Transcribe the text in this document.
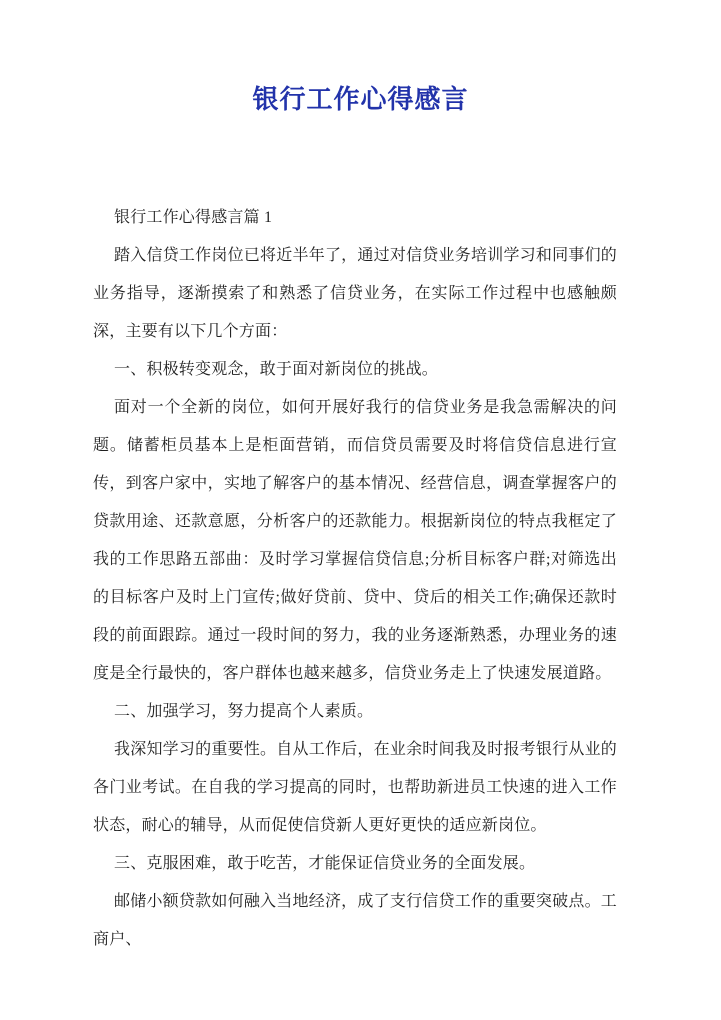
银行工作心得感言

银行工作心得感言篇 1

踏入信贷工作岗位已将近半年了，通过对信贷业务培训学习和同事们的业务指导，逐渐摸索了和熟悉了信贷业务，在实际工作过程中也感触颇深，主要有以下几个方面：

一、积极转变观念，敢于面对新岗位的挑战。

面对一个全新的岗位，如何开展好我行的信贷业务是我急需解决的问题。储蓄柜员基本上是柜面营销，而信贷员需要及时将信贷信息进行宣传，到客户家中，实地了解客户的基本情况、经营信息，调查掌握客户的贷款用途、还款意愿，分析客户的还款能力。根据新岗位的特点我框定了我的工作思路五部曲：及时学习掌握信贷信息;分析目标客户群;对筛选出的目标客户及时上门宣传;做好贷前、贷中、贷后的相关工作;确保还款时段的前面跟踪。通过一段时间的努力，我的业务逐渐熟悉，办理业务的速度是全行最快的，客户群体也越来越多，信贷业务走上了快速发展道路。

二、加强学习，努力提高个人素质。

我深知学习的重要性。自从工作后，在业余时间我及时报考银行从业的各门业考试。在自我的学习提高的同时，也帮助新进员工快速的进入工作状态，耐心的辅导，从而促使信贷新人更好更快的适应新岗位。

三、克服困难，敢于吃苦，才能保证信贷业务的全面发展。

邮储小额贷款如何融入当地经济，成了支行信贷工作的重要突破点。工商户、
